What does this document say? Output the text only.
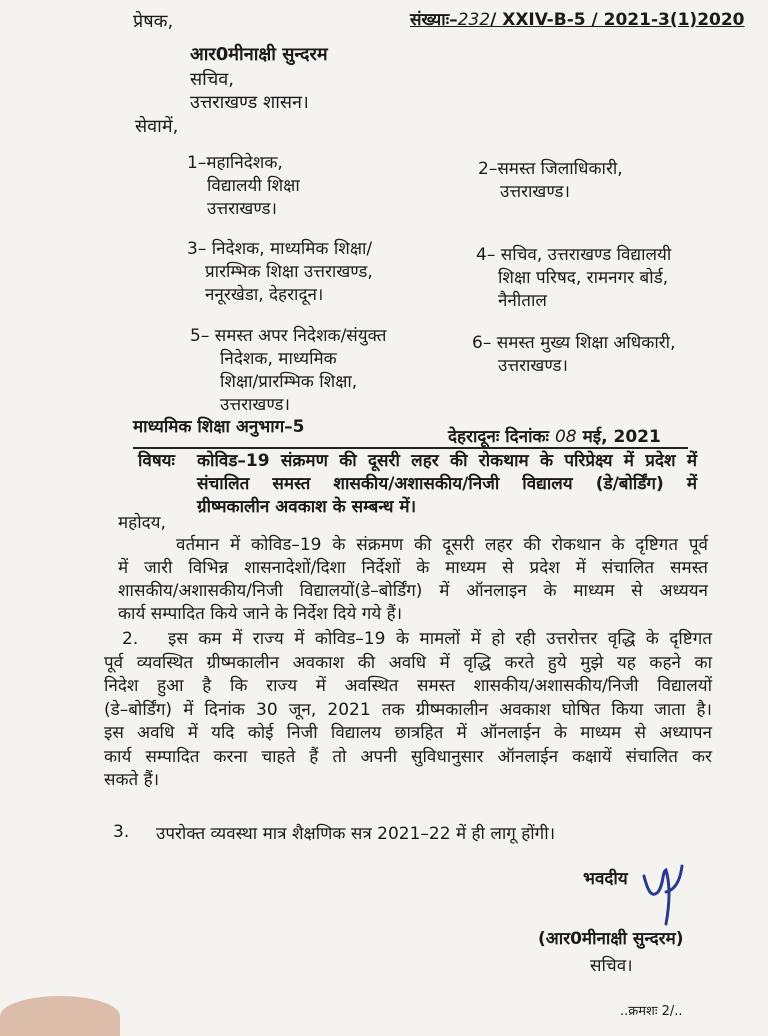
प्रेषक,	संख्याः–232/ XXIV-B-5 / 2021-3(1)2020
आर0मीनाक्षी सुन्दरम
सचिव,
उत्तराखण्ड शासन।
सेवामें,
1–महानिदेशक,
विद्यालयी शिक्षा
उत्तराखण्ड।
2–समस्त जिलाधिकारी,
उत्तराखण्ड।
3– निदेशक, माध्यमिक शिक्षा/
प्रारम्भिक शिक्षा उत्तराखण्ड,
ननूरखेडा, देहरादून।
4– सचिव, उत्तराखण्ड विद्यालयी
शिक्षा परिषद, रामनगर बोर्ड,
नैनीताल
5– समस्त अपर निदेशक/संयुक्त
निदेशक, माध्यमिक
शिक्षा/प्रारम्भिक शिक्षा,
उत्तराखण्ड।
6– समस्त मुख्य शिक्षा अधिकारी,
उत्तराखण्ड।
माध्यमिक शिक्षा अनुभाग–5	देहरादूनः दिनांकः 08 मई, 2021
विषयः कोविड–19 संक्रमण की दूसरी लहर की रोकथाम के परिप्रेक्ष्य में प्रदेश में
संचालित समस्त शासकीय/अशासकीय/निजी विद्यालय (डे/बोर्डिंग) में
ग्रीष्मकालीन अवकाश के सम्बन्ध में।
महोदय,
वर्तमान में कोविड–19 के संक्रमण की दूसरी लहर की रोकथान के दृष्टिगत पूर्व
में जारी विभिन्न शासनादेशों/दिशा निर्देशों के माध्यम से प्रदेश में संचालित समस्त
शासकीय/अशासकीय/निजी विद्यालयों(डे–बोर्डिंग) में ऑनलाइन के माध्यम से अध्ययन
कार्य सम्पादित किये जाने के निर्देश दिये गये हैं।
2.	इस कम में राज्य में कोविड–19 के मामलों में हो रही उत्तरोत्तर वृद्धि के दृष्टिगत
पूर्व व्यवस्थित ग्रीष्मकालीन अवकाश की अवधि में वृद्धि करते हुये मुझे यह कहने का
निदेश हुआ है कि राज्य में अवस्थित समस्त शासकीय/अशासकीय/निजी विद्यालयों
(डे–बोर्डिंग) में दिनांक 30 जून, 2021 तक ग्रीष्मकालीन अवकाश घोषित किया जाता है।
इस अवधि में यदि कोई निजी विद्यालय छात्रहित में ऑनलाईन के माध्यम से अध्यापन
कार्य सम्पादित करना चाहते हैं तो अपनी सुविधानुसार ऑनलाईन कक्षायें संचालित कर
सकते हैं।
3. उपरोक्त व्यवस्था मात्र शैक्षणिक सत्र 2021–22 में ही लागू होंगी।
भवदीय
(आर0मीनाक्षी सुन्दरम)
सचिव।
..क्रमशः 2/..
